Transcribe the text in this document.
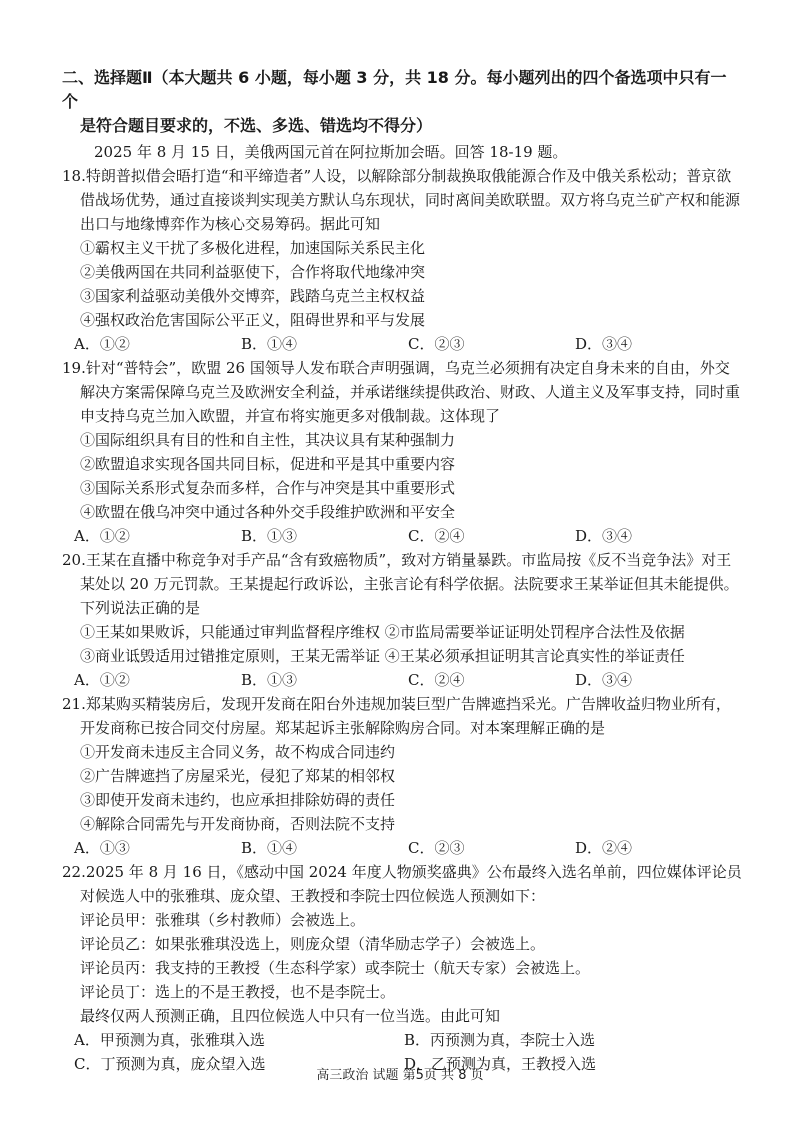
二、选择题Ⅱ（本大题共 6 小题，每小题 3 分，共 18 分。每小题列出的四个备选项中只有一个
是符合题目要求的，不选、多选、错选均不得分）

2025 年 8 月 15 日，美俄两国元首在阿拉斯加会晤。回答 18-19 题。

18.特朗普拟借会晤打造“和平缔造者”人设，以解除部分制裁换取俄能源合作及中俄关系松动；普京欲借战场优势，通过直接谈判实现美方默认乌东现状，同时离间美欧联盟。双方将乌克兰矿产权和能源出口与地缘博弈作为核心交易筹码。据此可知

①霸权主义干扰了多极化进程，加速国际关系民主化

②美俄两国在共同利益驱使下，合作将取代地缘冲突

③国家利益驱动美俄外交博弈，践踏乌克兰主权权益

④强权政治危害国际公平正义，阻碍世界和平与发展

A．①②	B．①④	C．②③	D．③④

19.针对“普特会”，欧盟 26 国领导人发布联合声明强调，乌克兰必须拥有决定自身未来的自由，外交解决方案需保障乌克兰及欧洲安全利益，并承诺继续提供政治、财政、人道主义及军事支持，同时重申支持乌克兰加入欧盟，并宣布将实施更多对俄制裁。这体现了

①国际组织具有目的性和自主性，其决议具有某种强制力

②欧盟追求实现各国共同目标，促进和平是其中重要内容

③国际关系形式复杂而多样，合作与冲突是其中重要形式

④欧盟在俄乌冲突中通过各种外交手段维护欧洲和平安全

A．①②	B．①③	C．②④	D．③④

20.王某在直播中称竞争对手产品“含有致癌物质”，致对方销量暴跌。市监局按《反不当竞争法》对王某处以 20 万元罚款。王某提起行政诉讼，主张言论有科学依据。法院要求王某举证但其未能提供。下列说法正确的是

①王某如果败诉，只能通过审判监督程序维权 ②市监局需要举证证明处罚程序合法性及依据

③商业诋毁适用过错推定原则，王某无需举证 ④王某必须承担证明其言论真实性的举证责任

A．①②	B．①③	C．②④	D．③④

21.郑某购买精装房后，发现开发商在阳台外违规加装巨型广告牌遮挡采光。广告牌收益归物业所有，开发商称已按合同交付房屋。郑某起诉主张解除购房合同。对本案理解正确的是

①开发商未违反主合同义务，故不构成合同违约

②广告牌遮挡了房屋采光，侵犯了郑某的相邻权

③即使开发商未违约，也应承担排除妨碍的责任

④解除合同需先与开发商协商，否则法院不支持

A．①③	B．①④	C．②③	D．②④

22.2025 年 8 月 16 日，《感动中国 2024 年度人物颁奖盛典》公布最终入选名单前，四位媒体评论员对候选人中的张雅琪、庞众望、王教授和李院士四位候选人预测如下：

评论员甲：张雅琪（乡村教师）会被选上。

评论员乙：如果张雅琪没选上，则庞众望（清华励志学子）会被选上。

评论员丙：我支持的王教授（生态科学家）或李院士（航天专家）会被选上。

评论员丁：选上的不是王教授，也不是李院士。

最终仅两人预测正确，且四位候选人中只有一位当选。由此可知

A．甲预测为真，张雅琪入选	B．丙预测为真，李院士入选
C．丁预测为真，庞众望入选	D．乙预测为真，王教授入选
高三政治 试题 第5页 共 8 页
